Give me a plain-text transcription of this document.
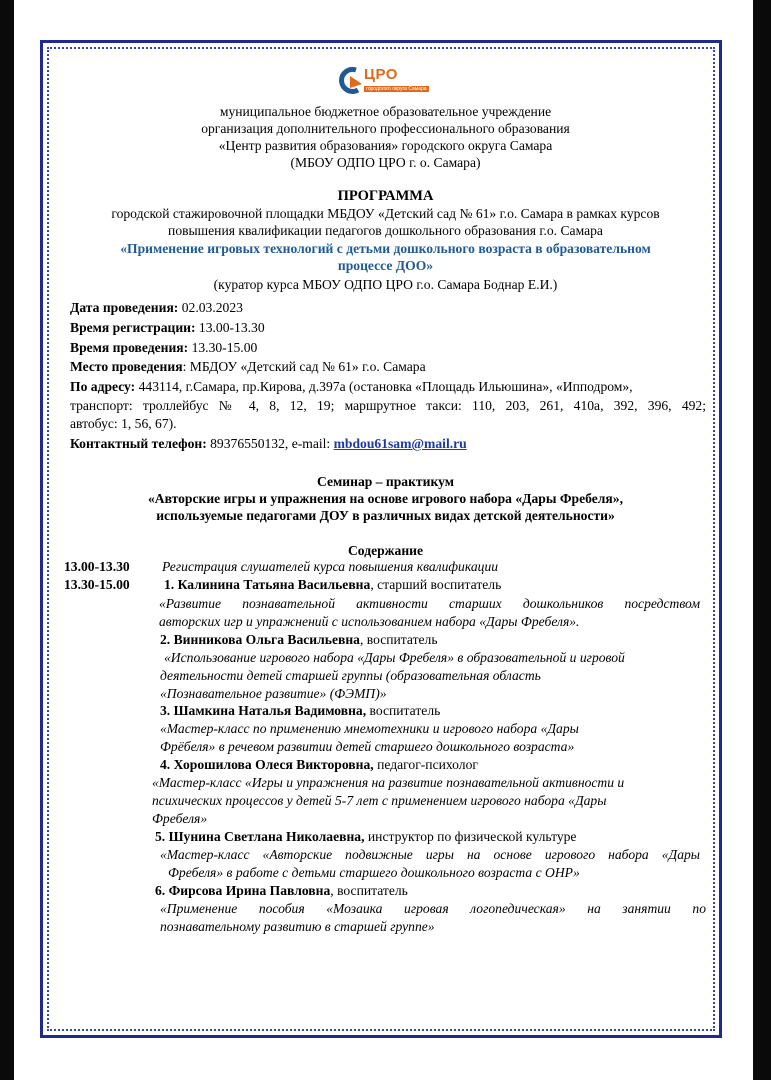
ЦРО
городского округа Самара
муниципальное бюджетное образовательное учреждение
организация дополнительного профессионального образования
«Центр развития образования» городского округа Самара
(МБОУ ОДПО ЦРО г. о. Самара)
ПРОГРАММА
городской стажировочной площадки МБДОУ «Детский сад № 61» г.о. Самара в рамках курсов
повышения квалификации педагогов дошкольного образования г.о. Самара
«Применение игровых технологий с детьми дошкольного возраста в образовательном
процессе ДОО»
(куратор курса МБОУ ОДПО ЦРО г.о. Самара Боднар Е.И.)
Дата проведения: 02.03.2023
Время регистрации: 13.00-13.30
Время проведения: 13.30-15.00
Место проведения: МБДОУ «Детский сад № 61» г.о. Самара
По адресу: 443114, г.Самара, пр.Кирова, д.397а (остановка «Площадь Ильюшина», «Ипподром»,
транспорт: троллейбус № 4, 8, 12, 19; маршрутное такси: 110, 203, 261, 410а, 392, 396, 492;
автобус: 1, 56, 67).
Контактный телефон: 89376550132, e-mail: mbdou61sam@mail.ru
Семинар – практикум
«Авторские игры и упражнения на основе игрового набора «Дары Фребеля»,
используемые педагогами ДОУ в различных видах детской деятельности»
Содержание
13.00-13.30 Регистрация слушателей курса повышения квалификации
13.30-15.00	1. Калинина Татьяна Васильевна, старший воспитатель
«Развитие познавательной активности старших дошкольников посредством
авторских игр и упражнений с использованием набора «Дары Фребеля».
2. Винникова Ольга Васильевна, воспитатель
«Использование игрового набора «Дары Фребеля» в образовательной и игровой
деятельности детей старшей группы (образовательная область
«Познавательное развитие» (ФЭМП)»
3. Шамкина Наталья Вадимовна, воспитатель
«Мастер-класс по применению мнемотехники и игрового набора «Дары
Фрёбеля» в речевом развитии детей старшего дошкольного возраста»
4. Хорошилова Олеся Викторовна, педагог-психолог
«Мастер-класс «Игры и упражнения на развитие познавательной активности и
психических процессов у детей 5-7 лет с применением игрового набора «Дары
Фребеля»
5. Шунина Светлана Николаевна, инструктор по физической культуре
«Мастер-класс «Авторские подвижные игры на основе игрового набора «Дары
Фребеля» в работе с детьми старшего дошкольного возраста с ОНР»
6. Фирсова Ирина Павловна, воспитатель
«Применение пособия «Мозаика игровая логопедическая» на занятии по
познавательному развитию в старшей группе»
